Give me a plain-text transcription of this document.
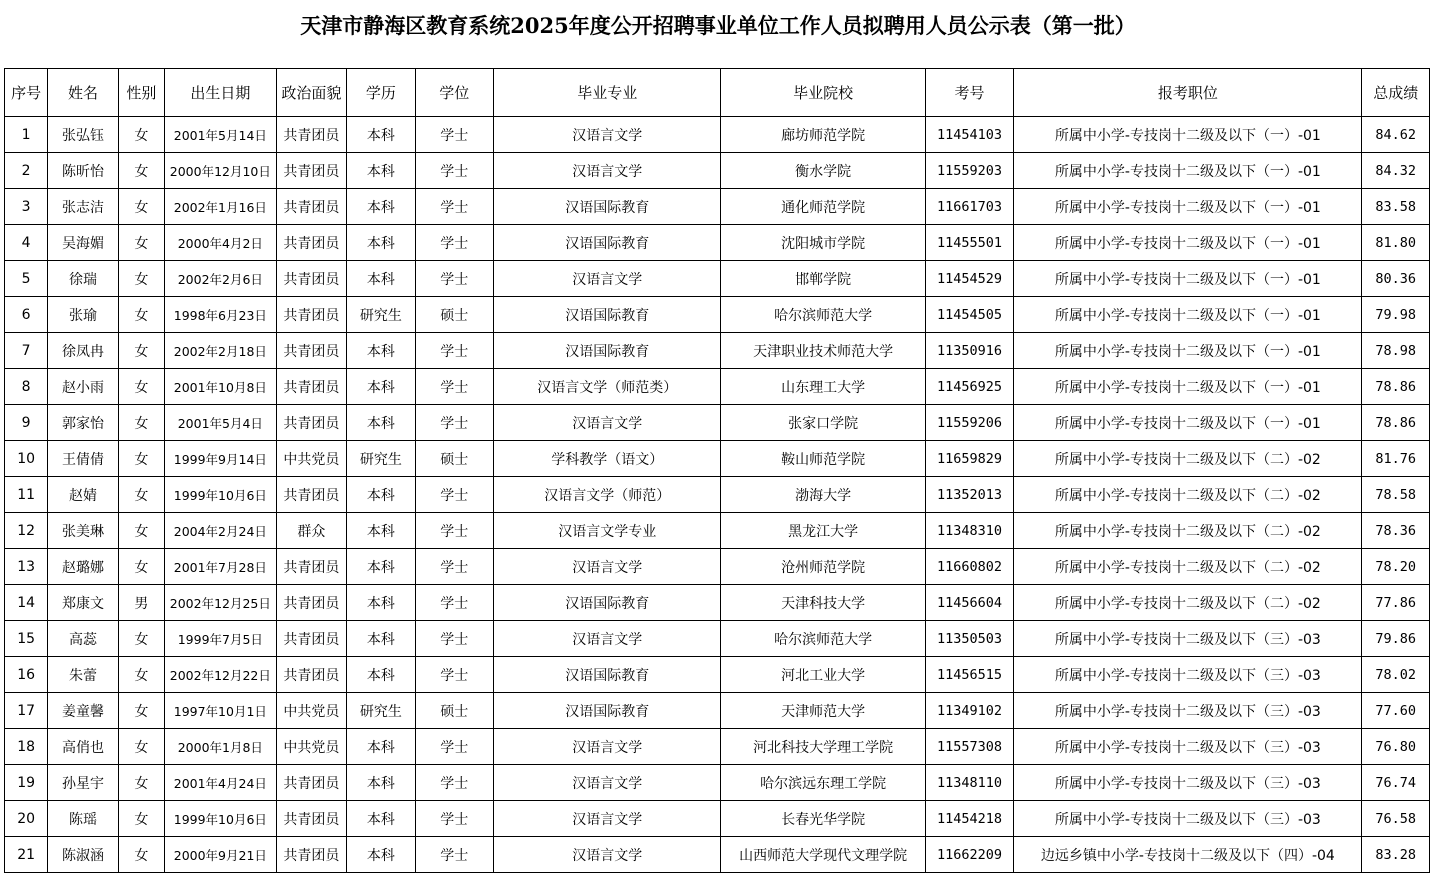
天津市静海区教育系统2025年度公开招聘事业单位工作人员拟聘用人员公示表（第一批）
序号	姓名	性别	出生日期	政治面貌	学历	学位	毕业专业	毕业院校	考号	报考职位	总成绩
1	张弘钰	女	2001年5月14日	共青团员	本科	学士	汉语言文学	廊坊师范学院	11454103	所属中小学-专技岗十二级及以下（一）-01	84.62
2	陈昕怡	女	2000年12月10日	共青团员	本科	学士	汉语言文学	衡水学院	11559203	所属中小学-专技岗十二级及以下（一）-01	84.32
3	张志洁	女	2002年1月16日	共青团员	本科	学士	汉语国际教育	通化师范学院	11661703	所属中小学-专技岗十二级及以下（一）-01	83.58
4	吴海媚	女	2000年4月2日	共青团员	本科	学士	汉语国际教育	沈阳城市学院	11455501	所属中小学-专技岗十二级及以下（一）-01	81.80
5	徐瑞	女	2002年2月6日	共青团员	本科	学士	汉语言文学	邯郸学院	11454529	所属中小学-专技岗十二级及以下（一）-01	80.36
6	张瑜	女	1998年6月23日	共青团员	研究生	硕士	汉语国际教育	哈尔滨师范大学	11454505	所属中小学-专技岗十二级及以下（一）-01	79.98
7	徐凤冉	女	2002年2月18日	共青团员	本科	学士	汉语国际教育	天津职业技术师范大学	11350916	所属中小学-专技岗十二级及以下（一）-01	78.98
8	赵小雨	女	2001年10月8日	共青团员	本科	学士	汉语言文学（师范类）	山东理工大学	11456925	所属中小学-专技岗十二级及以下（一）-01	78.86
9	郭家怡	女	2001年5月4日	共青团员	本科	学士	汉语言文学	张家口学院	11559206	所属中小学-专技岗十二级及以下（一）-01	78.86
10	王倩倩	女	1999年9月14日	中共党员	研究生	硕士	学科教学（语文）	鞍山师范学院	11659829	所属中小学-专技岗十二级及以下（二）-02	81.76
11	赵婧	女	1999年10月6日	共青团员	本科	学士	汉语言文学（师范）	渤海大学	11352013	所属中小学-专技岗十二级及以下（二）-02	78.58
12	张美琳	女	2004年2月24日	群众	本科	学士	汉语言文学专业	黑龙江大学	11348310	所属中小学-专技岗十二级及以下（二）-02	78.36
13	赵璐娜	女	2001年7月28日	共青团员	本科	学士	汉语言文学	沧州师范学院	11660802	所属中小学-专技岗十二级及以下（二）-02	78.20
14	郑康文	男	2002年12月25日	共青团员	本科	学士	汉语国际教育	天津科技大学	11456604	所属中小学-专技岗十二级及以下（二）-02	77.86
15	高蕊	女	1999年7月5日	共青团员	本科	学士	汉语言文学	哈尔滨师范大学	11350503	所属中小学-专技岗十二级及以下（三）-03	79.86
16	朱蕾	女	2002年12月22日	共青团员	本科	学士	汉语国际教育	河北工业大学	11456515	所属中小学-专技岗十二级及以下（三）-03	78.02
17	姜童馨	女	1997年10月1日	中共党员	研究生	硕士	汉语国际教育	天津师范大学	11349102	所属中小学-专技岗十二级及以下（三）-03	77.60
18	高俏也	女	2000年1月8日	中共党员	本科	学士	汉语言文学	河北科技大学理工学院	11557308	所属中小学-专技岗十二级及以下（三）-03	76.80
19	孙星宇	女	2001年4月24日	共青团员	本科	学士	汉语言文学	哈尔滨远东理工学院	11348110	所属中小学-专技岗十二级及以下（三）-03	76.74
20	陈瑶	女	1999年10月6日	共青团员	本科	学士	汉语言文学	长春光华学院	11454218	所属中小学-专技岗十二级及以下（三）-03	76.58
21	陈淑涵	女	2000年9月21日	共青团员	本科	学士	汉语言文学	山西师范大学现代文理学院	11662209	边远乡镇中小学-专技岗十二级及以下（四）-04	83.28
